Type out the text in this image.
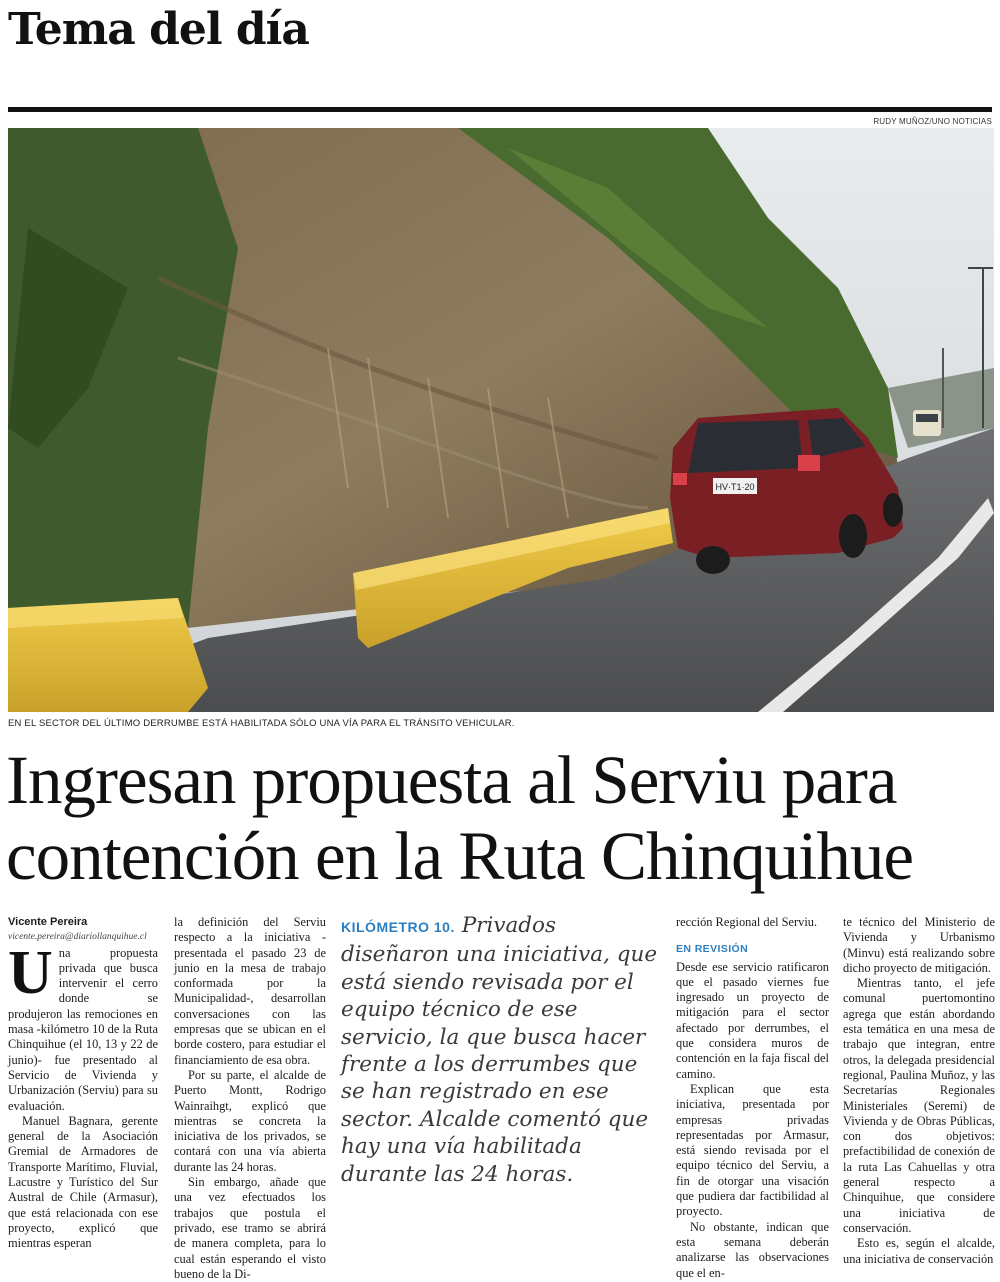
Tema del día
RUDY MUÑOZ/UNO NOTICIAS
HV·T1·20
EN EL SECTOR DEL ÚLTIMO DERRUMBE ESTÁ HABILITADA SÓLO UNA VÍA PARA EL TRÁNSITO VEHICULAR.
Ingresan propuesta al Serviu para
contención en la Ruta Chinquihue

Vicente Pereira

vicente.pereira@diariollanquihue.cl

Una propuesta privada que busca intervenir el cerro donde se produjeron las remociones en masa -kilómetro 10 de la Ruta Chinquihue (el 10, 13 y 22 de junio)- fue presentado al Servicio de Vivienda y Urbanización (Serviu) para su evaluación.

Manuel Bagnara, gerente general de la Asociación Gremial de Armadores de Transporte Marítimo, Fluvial, Lacustre y Turístico del Sur Austral de Chile (Armasur), que está relacionada con ese proyecto, explicó que mientras esperan

la definición del Serviu respecto a la iniciativa -presentada el pasado 23 de junio en la mesa de trabajo conformada por la Municipalidad-, desarrollan conversaciones con las empresas que se ubican en el borde costero, para estudiar el financiamiento de esa obra.

Por su parte, el alcalde de Puerto Montt, Rodrigo Wainraihgt, explicó que mientras se concreta la iniciativa de los privados, se contará con una vía abierta durante las 24 horas.

Sin embargo, añade que una vez efectuados los trabajos que postula el privado, ese tramo se abrirá de manera completa, para lo cual están esperando el visto bueno de la Di-

KILÓMETRO 10. Privados diseñaron una iniciativa, que está siendo revisada por el equipo técnico de ese servicio, la que busca hacer frente a los derrumbes que se han registrado en ese sector. Alcalde comentó que hay una vía habilitada durante las 24 horas.

rección Regional del Serviu.

EN REVISIÓN

Desde ese servicio ratificaron que el pasado viernes fue ingresado un proyecto de mitigación para el sector afectado por derrumbes, el que considera muros de contención en la faja fiscal del camino.

Explican que esta iniciativa, presentada por empresas privadas representadas por Armasur, está siendo revisada por el equipo técnico del Serviu, a fin de otorgar una visación que pudiera dar factibilidad al proyecto.

No obstante, indican que esta semana deberán analizarse las observaciones que el en-

te técnico del Ministerio de Vivienda y Urbanismo (Minvu) está realizando sobre dicho proyecto de mitigación.

Mientras tanto, el jefe comunal puertomontino agrega que están abordando esta temática en una mesa de trabajo que integran, entre otros, la delegada presidencial regional, Paulina Muñoz, y las Secretarías Regionales Ministeriales (Seremi) de Vivienda y de Obras Públicas, con dos objetivos: prefactibilidad de conexión de la ruta Las Cahuellas y otra general respecto a Chinquihue, que considere una iniciativa de conservación.

Esto es, según el alcalde, una iniciativa de conservación
